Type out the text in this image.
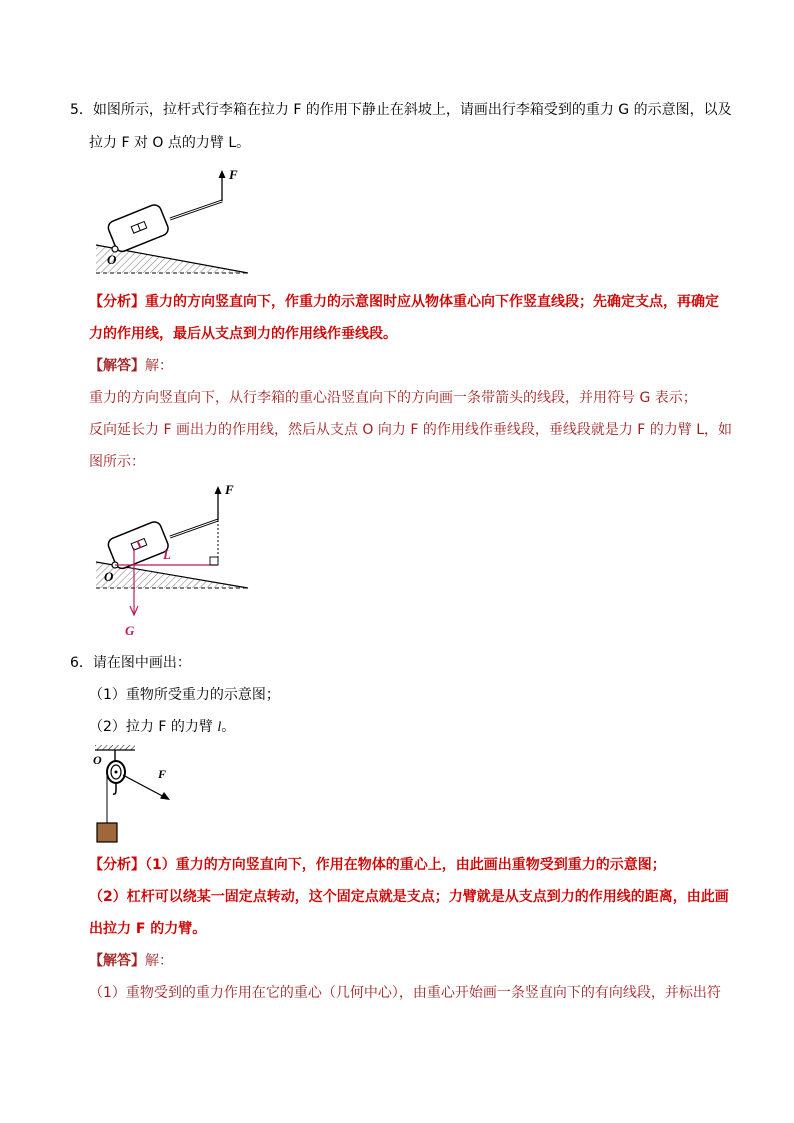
5．如图所示，拉杆式行李箱在拉力 F 的作用下静止在斜坡上，请画出行李箱受到的重力 G 的示意图，以及
拉力 F 对 O 点的力臂 L。
F
O
【分析】重力的方向竖直向下，作重力的示意图时应从物体重心向下作竖直线段；先确定支点，再确定
力的作用线，最后从支点到力的作用线作垂线段。
【解答】解：
重力的方向竖直向下，从行李箱的重心沿竖直向下的方向画一条带箭头的线段，并用符号 G 表示；
反向延长力 F 画出力的作用线，然后从支点 O 向力 F 的作用线作垂线段，垂线段就是力 F 的力臂 L，如
图所示：
F
L
O
G
6．请在图中画出：
（1）重物所受重力的示意图；
（2）拉力 F 的力臂 l。
O
F
【分析】（1）重力的方向竖直向下，作用在物体的重心上，由此画出重物受到重力的示意图；
（2）杠杆可以绕某一固定点转动，这个固定点就是支点；力臂就是从支点到力的作用线的距离，由此画
出拉力 F 的力臂。
【解答】解：
（1）重物受到的重力作用在它的重心（几何中心），由重心开始画一条竖直向下的有向线段，并标出符
